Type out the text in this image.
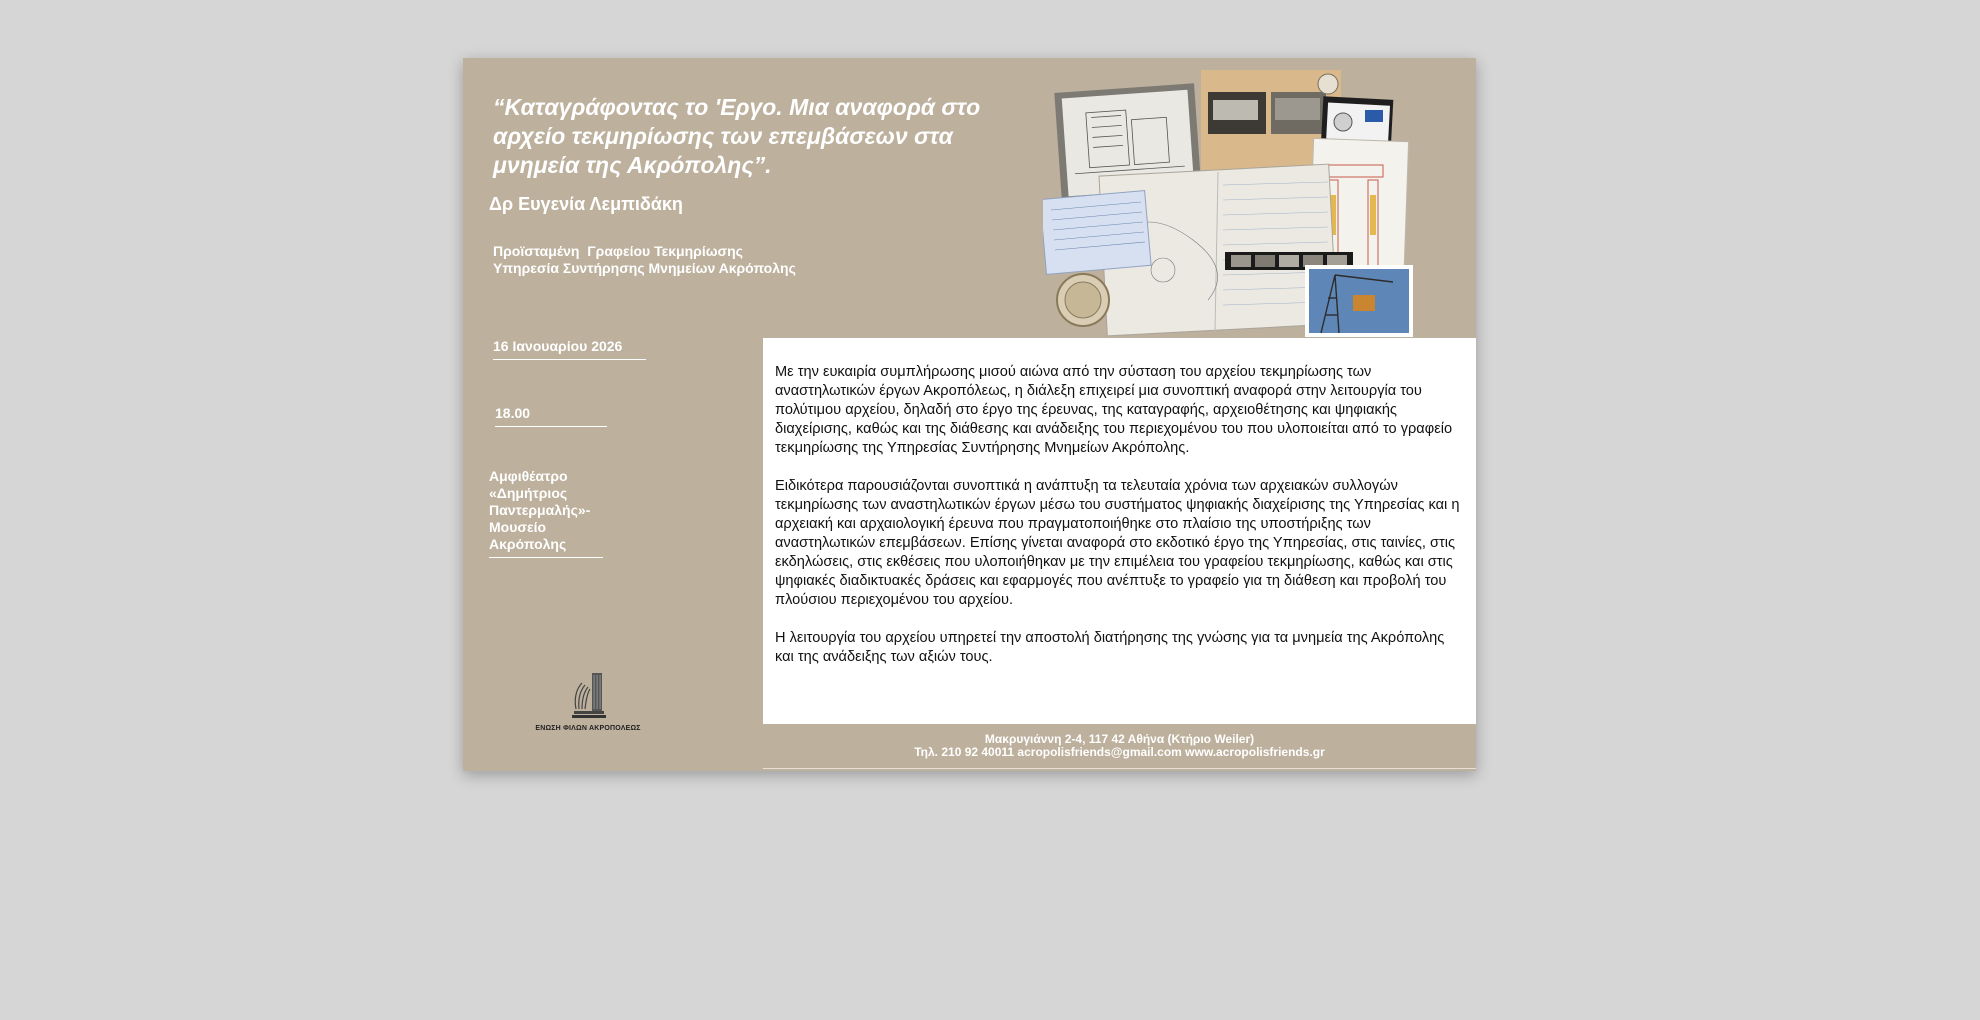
“Καταγράφοντας το 'Εργο. Μια αναφορά στο αρχείο τεκμηρίωσης των επεμβάσεων στα μνημεία της Ακρόπολης”.
Δρ Ευγενία Λεμπιδάκη
Προϊσταμένη  Γραφείου Τεκμηρίωσης
Υπηρεσία Συντήρησης Μνημείων Ακρόπολης
16 Ιανουαρίου 2026
18.00
Αμφιθέατρο
«Δημήτριος
Παντερμαλής»-
Μουσείο
Ακρόπολης
ΕΝΩΣΗ ΦΙΛΩΝ ΑΚΡΟΠΟΛΕΩΣ

Με την ευκαιρία συμπλήρωσης μισού αιώνα από την σύσταση του αρχείου τεκμηρίωσης των αναστηλωτικών έργων Ακροπόλεως, η διάλεξη επιχειρεί μια συνοπτική αναφορά στην λειτουργία του πολύτιμου αρχείου, δηλαδή στο έργο της έρευνας, της καταγραφής, αρχειοθέτησης και ψηφιακής διαχείρισης, καθώς και της διάθεσης και ανάδειξης του περιεχομένου του που υλοποιείται από το γραφείο τεκμηρίωσης της Υπηρεσίας Συντήρησης Μνημείων Ακρόπολης.

Ειδικότερα παρουσιάζονται συνοπτικά η ανάπτυξη τα τελευταία χρόνια των αρχειακών συλλογών τεκμηρίωσης των αναστηλωτικών έργων μέσω του συστήματος ψηφιακής διαχείρισης της Υπηρεσίας και η αρχειακή και αρχαιολογική έρευνα που πραγματοποιήθηκε στο πλαίσιο της υποστήριξης των αναστηλωτικών επεμβάσεων. Επίσης γίνεται αναφορά στο εκδοτικό έργο της Υπηρεσίας, στις ταινίες, στις εκδηλώσεις, στις εκθέσεις που υλοποιήθηκαν με την επιμέλεια του γραφείου τεκμηρίωσης, καθώς και στις ψηφιακές διαδικτυακές δράσεις και εφαρμογές που ανέπτυξε το γραφείο για τη διάθεση και προβολή του πλούσιου περιεχομένου του αρχείου.

Η λειτουργία του αρχείου υπηρετεί την αποστολή διατήρησης της γνώσης για τα μνημεία της Ακρόπολης και της ανάδειξης των αξιών τους.

Μακρυγιάννη 2-4, 117 42 Αθήνα (Κτήριο Weiler)
Τηλ. 210 92 40011 acropolisfriends@gmail.com www.acropolisfriends.gr
